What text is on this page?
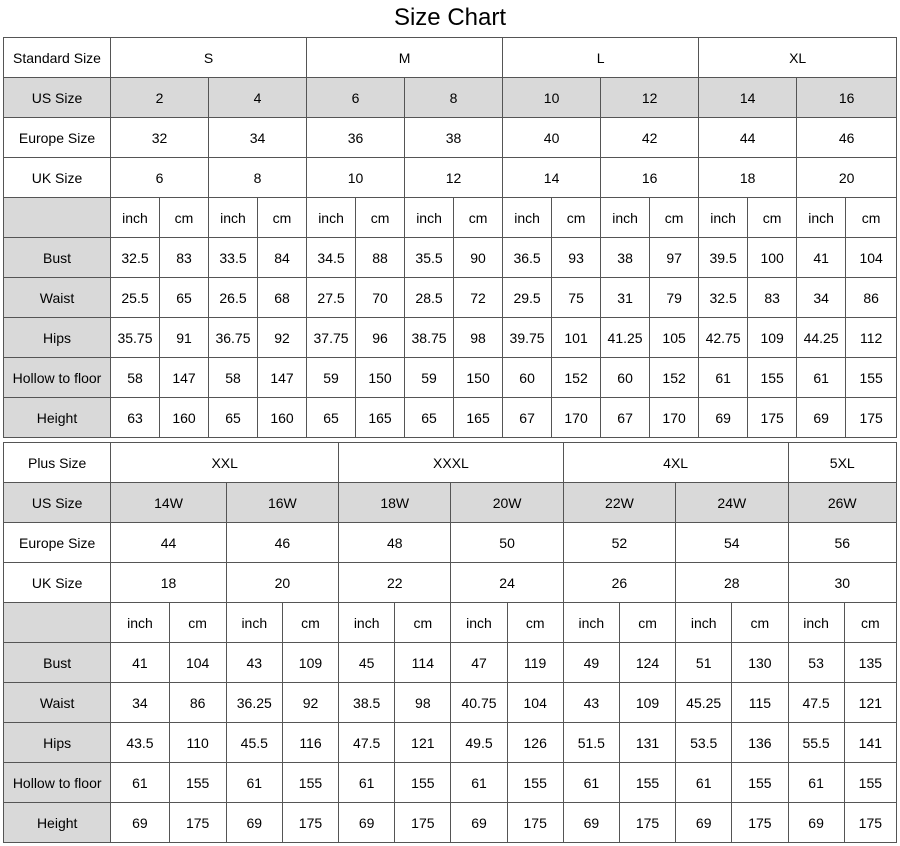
Size Chart
Standard Size	S				M				L				XL			
US Size	2		4		6		8		10		12		14		16	
Europe Size	32		34		36		38		40		42		44		46	
UK Size	6		8		10		12		14		16		18		20	
	inch	cm	inch	cm	inch	cm	inch	cm	inch	cm	inch	cm	inch	cm	inch	cm
Bust	32.5	83	33.5	84	34.5	88	35.5	90	36.5	93	38	97	39.5	100	41	104
Waist	25.5	65	26.5	68	27.5	70	28.5	72	29.5	75	31	79	32.5	83	34	86
Hips	35.75	91	36.75	92	37.75	96	38.75	98	39.75	101	41.25	105	42.75	109	44.25	112
Hollow to floor	58	147	58	147	59	150	59	150	60	152	60	152	61	155	61	155
Height	63	160	65	160	65	165	65	165	67	170	67	170	69	175	69	175
Plus Size	XXL				XXXL				4XL				5XL	
US Size	14W		16W		18W		20W		22W		24W		26W	
Europe Size	44		46		48		50		52		54		56	
UK Size	18		20		22		24		26		28		30	
	inch	cm	inch	cm	inch	cm	inch	cm	inch	cm	inch	cm	inch	cm
Bust	41	104	43	109	45	114	47	119	49	124	51	130	53	135
Waist	34	86	36.25	92	38.5	98	40.75	104	43	109	45.25	115	47.5	121
Hips	43.5	110	45.5	116	47.5	121	49.5	126	51.5	131	53.5	136	55.5	141
Hollow to floor	61	155	61	155	61	155	61	155	61	155	61	155	61	155
Height	69	175	69	175	69	175	69	175	69	175	69	175	69	175
